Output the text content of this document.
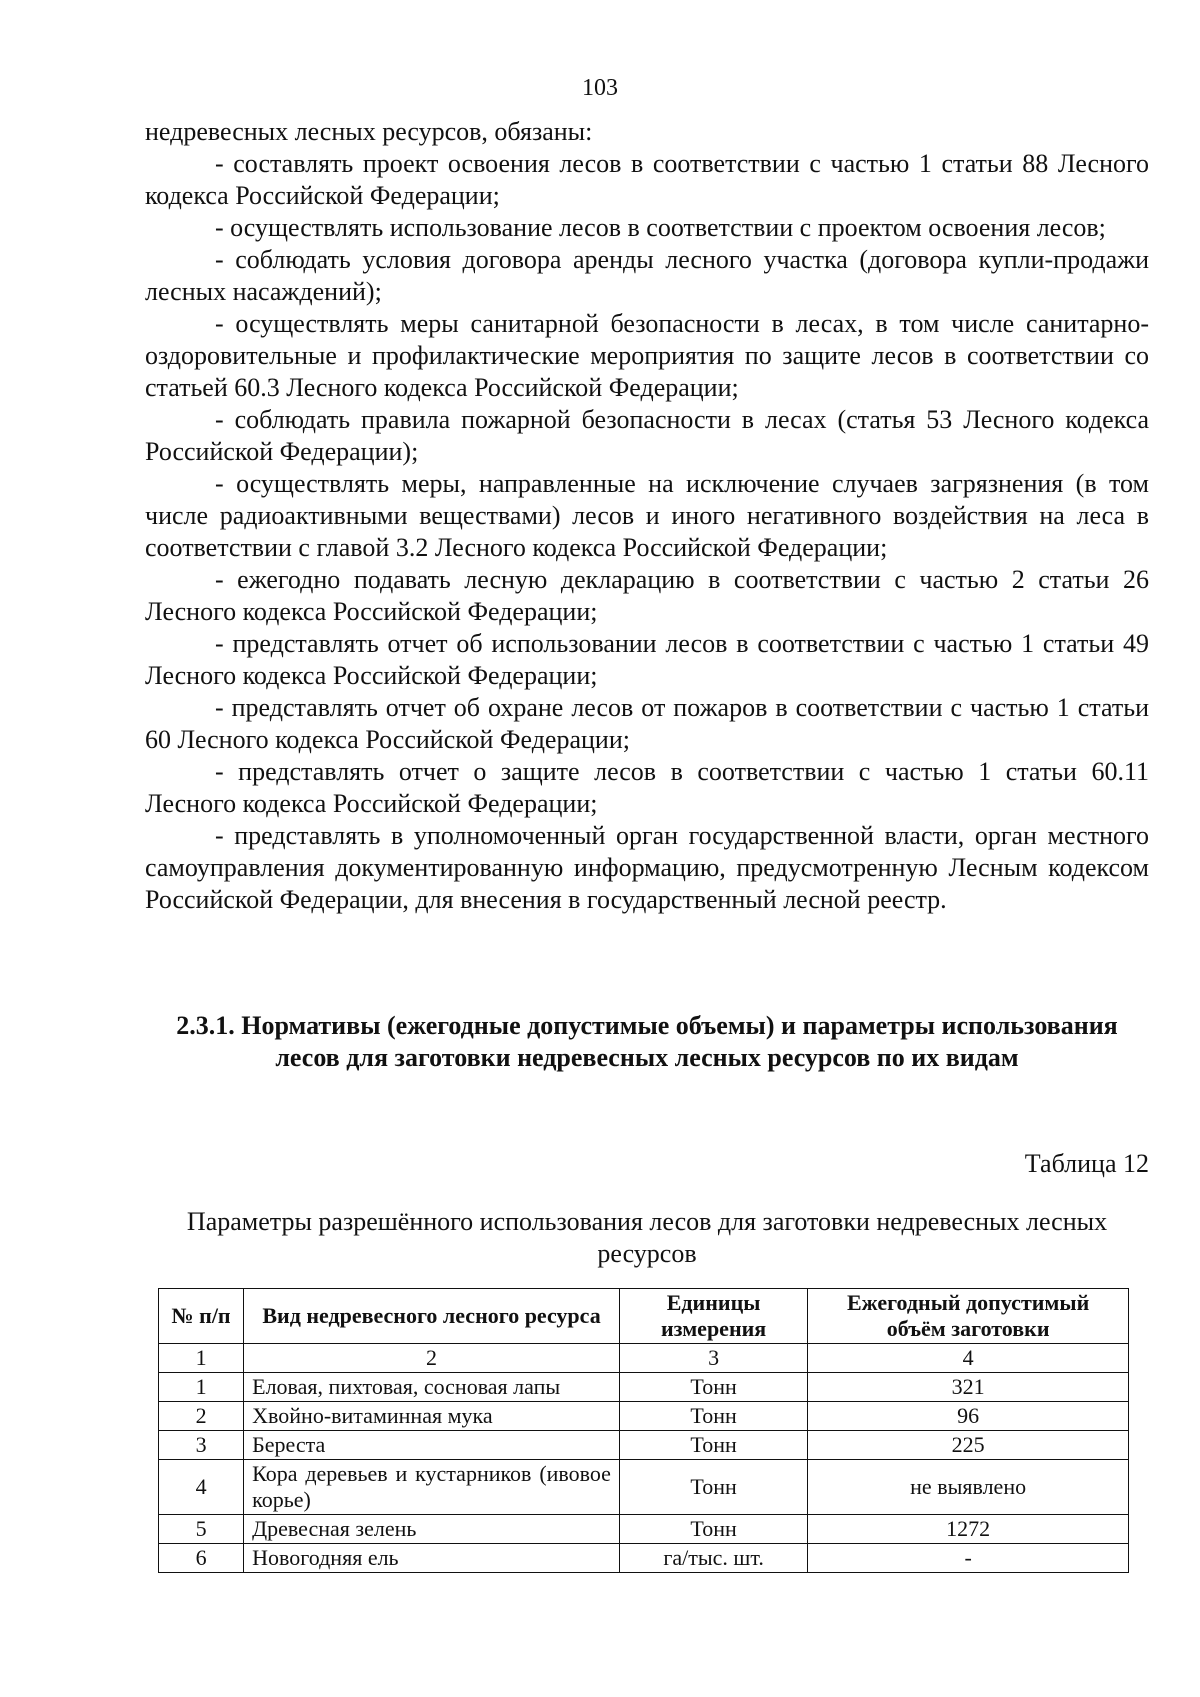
103

недревесных лесных ресурсов, обязаны:

- составлять проект освоения лесов в соответствии с частью 1 статьи 88 Лесного кодекса Российской Федерации;

- осуществлять использование лесов в соответствии с проектом освоения лесов;

- соблюдать условия договора аренды лесного участка (договора купли-продажи лесных насаждений);

- осуществлять меры санитарной безопасности в лесах, в том числе санитарно-оздоровительные и профилактические мероприятия по защите лесов в соответствии со статьей 60.3 Лесного кодекса Российской Федерации;

- соблюдать правила пожарной безопасности в лесах (статья 53 Лесного кодекса Российской Федерации);

- осуществлять меры, направленные на исключение случаев загрязнения (в том числе радиоактивными веществами) лесов и иного негативного воздействия на леса в соответствии с главой 3.2 Лесного кодекса Российской Федерации;

- ежегодно подавать лесную декларацию в соответствии с частью 2 статьи 26 Лесного кодекса Российской Федерации;

- представлять отчет об использовании лесов в соответствии с частью 1 статьи 49 Лесного кодекса Российской Федерации;

- представлять отчет об охране лесов от пожаров в соответствии с частью 1 статьи 60 Лесного кодекса Российской Федерации;

- представлять отчет о защите лесов в соответствии с частью 1 статьи 60.11 Лесного кодекса Российской Федерации;

- представлять в уполномоченный орган государственной власти, орган местного самоуправления документированную информацию, предусмотренную Лесным кодексом Российской Федерации, для внесения в государственный лесной реестр.

2.3.1. Нормативы (ежегодные допустимые объемы) и параметры использования лесов для заготовки недревесных лесных ресурсов по их видам
Таблица 12
Параметры разрешённого использования лесов для заготовки недревесных лесных ресурсов
№ п/п	Вид недревесного лесного ресурса	Единицы измерения	Ежегодный допустимый объём заготовки
1	2	3	4
1	Еловая, пихтовая, сосновая лапы	Тонн	321
2	Хвойно-витаминная мука	Тонн	96
3	Береста	Тонн	225
4	Кора деревьев и кустарников (ивовое корье)	Тонн	не выявлено
5	Древесная зелень	Тонн	1272
6	Новогодняя ель	га/тыс. шт.	-
